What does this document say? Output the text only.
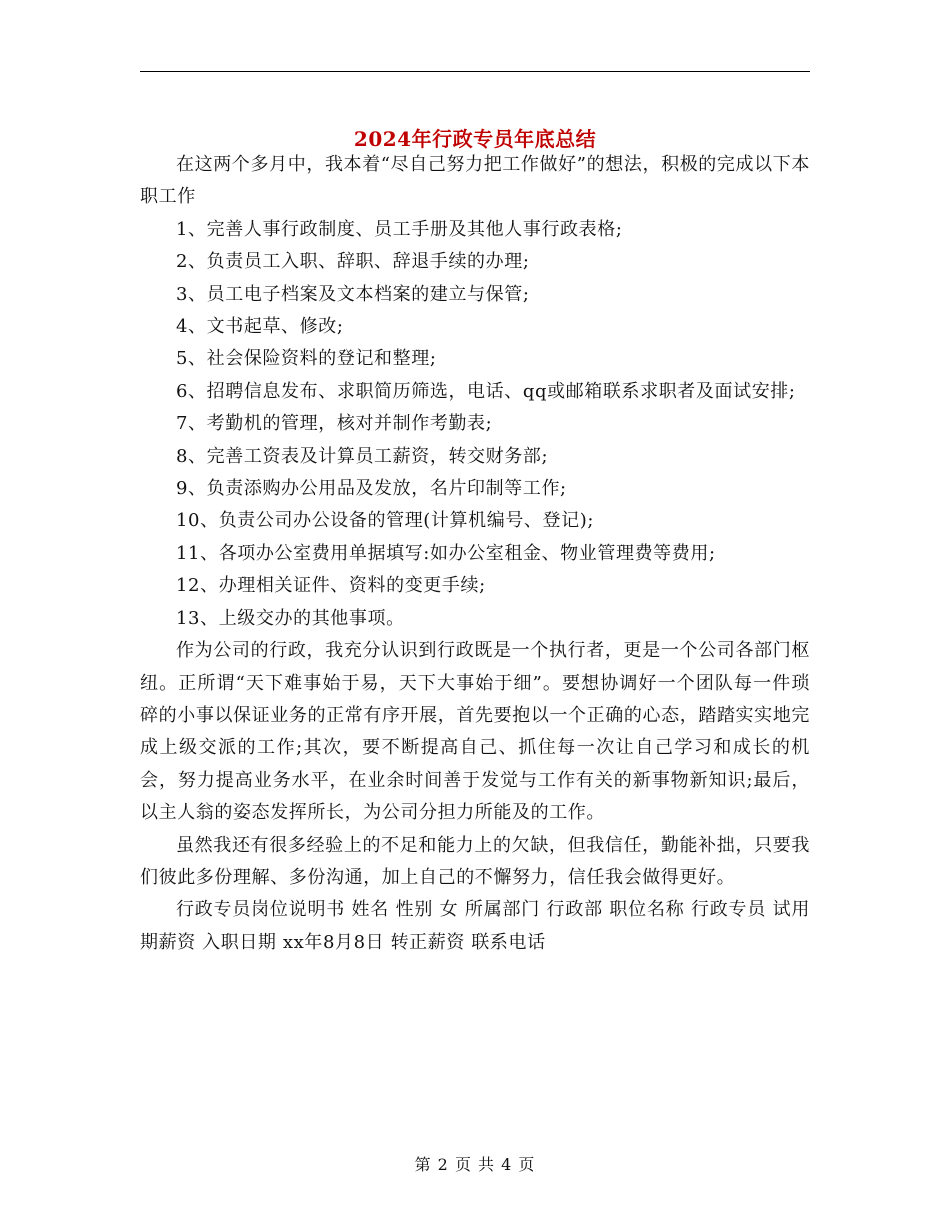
2024年行政专员年底总结

在这两个多月中，我本着“尽自己努力把工作做好”的想法，积极的完成以下本职工作

1、完善人事行政制度、员工手册及其他人事行政表格;

2、负责员工入职、辞职、辞退手续的办理;

3、员工电子档案及文本档案的建立与保管;

4、文书起草、修改;

5、社会保险资料的登记和整理;

6、招聘信息发布、求职简历筛选，电话、qq或邮箱联系求职者及面试安排;

7、考勤机的管理，核对并制作考勤表;

8、完善工资表及计算员工薪资，转交财务部;

9、负责添购办公用品及发放，名片印制等工作;

10、负责公司办公设备的管理(计算机编号、登记);

11、各项办公室费用单据填写:如办公室租金、物业管理费等费用;

12、办理相关证件、资料的变更手续;

13、上级交办的其他事项。

作为公司的行政，我充分认识到行政既是一个执行者，更是一个公司各部门枢纽。正所谓“天下难事始于易，天下大事始于细”。要想协调好一个团队每一件琐碎的小事以保证业务的正常有序开展，首先要抱以一个正确的心态，踏踏实实地完成上级交派的工作;其次，要不断提高自己、抓住每一次让自己学习和成长的机会，努力提高业务水平，在业余时间善于发觉与工作有关的新事物新知识;最后，以主人翁的姿态发挥所长，为公司分担力所能及的工作。

虽然我还有很多经验上的不足和能力上的欠缺，但我信任，勤能补拙，只要我们彼此多份理解、多份沟通，加上自己的不懈努力，信任我会做得更好。

行政专员岗位说明书 姓名 性别 女 所属部门 行政部 职位名称 行政专员 试用期薪资 入职日期 xx年8月8日 转正薪资 联系电话

第 2 页 共 4 页
